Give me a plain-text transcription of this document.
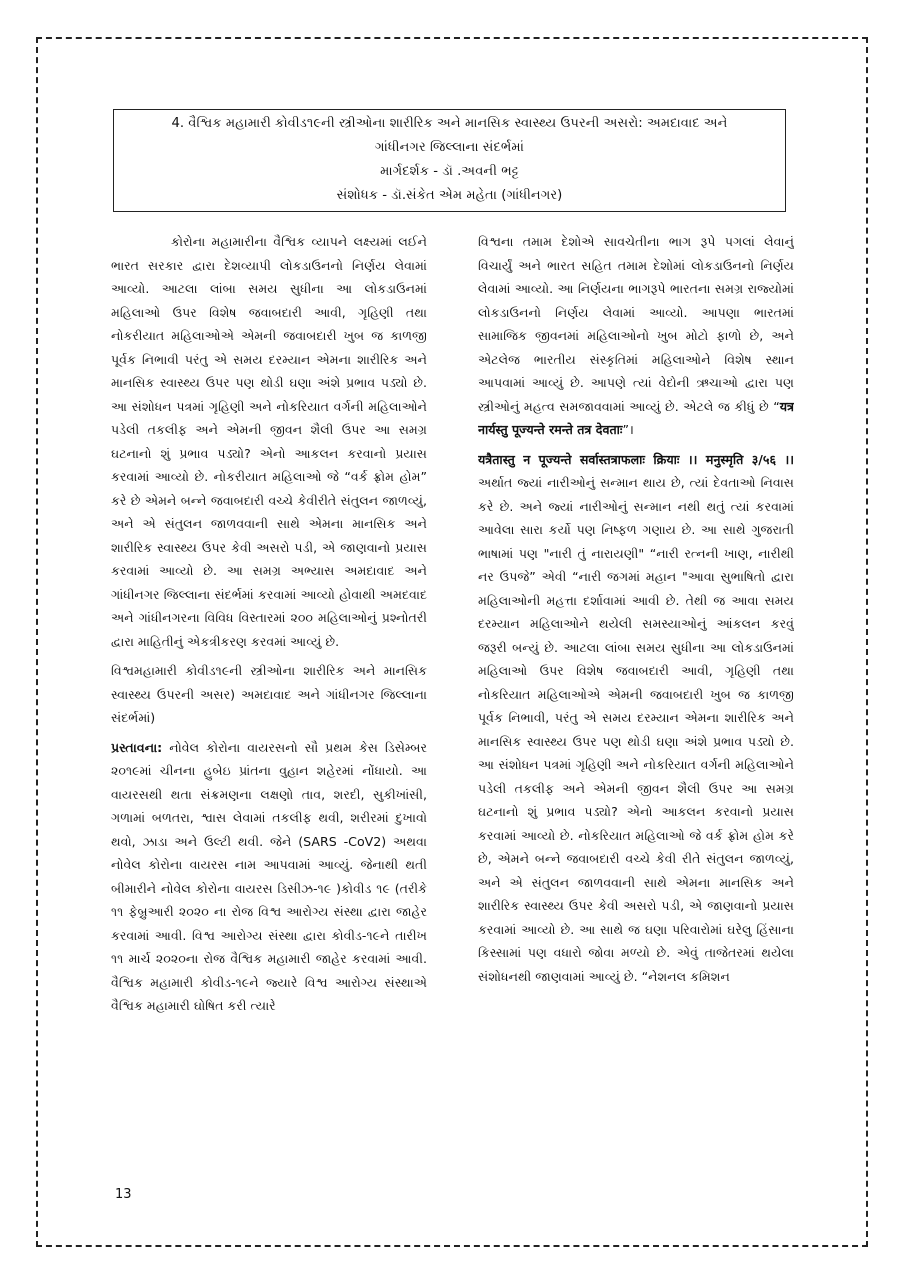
4. વૈશ્વિક મહામારી કોવીડ૧૯ની સ્ત્રીઓના શારીરિક અને માનસિક સ્વાસ્થ્ય ઉપરની અસરો: અમદાવાદ અને
ગાંધીનગર જિલ્લાના સંદર્ભમાં
માર્ગદર્શક - ડૉ .અવની ભટ્ટ
સંશોધક - ડૉ.સંકેત એમ મહેતા (ગાંધીનગર)

કોરોના મહામારીના વૈશ્વિક વ્યાપને લક્ષ્યમાં લઈને ભારત સરકાર દ્વારા દેશવ્યાપી લોકડાઉનનો નિર્ણય લેવામાં આવ્યો. આટલા લાંબા સમય સુધીના આ લોકડાઉનમાં મહિલાઓ ઉપર વિશેષ જવાબદારી આવી, ગૃહિણી તથા નોકરીયાત મહિલાઓએ એમની જવાબદારી ખુબ જ કાળજી પૂર્વક નિભાવી પરંતુ એ સમય દરમ્યાન એમના શારીરિક અને માનસિક સ્વાસ્થ્ય ઉપર પણ થોડી ઘણા અંશે પ્રભાવ પડ્યો છે. આ સંશોધન પત્રમાં ગૃહિણી અને નોકરિયાત વર્ગની મહિલાઓને પડેલી તકલીફ અને એમની જીવન શૈલી ઉપર આ સમગ્ર ઘટનાનો શું પ્રભાવ પડ્યો? એનો આકલન કરવાનો પ્રયાસ કરવામાં આવ્યો છે. નોકરીયાત મહિલાઓ જે “વર્ક ફ્રોમ હોમ” કરે છે એમને બન્ને જવાબદારી વચ્ચે કેવીરીતે સંતુલન જાળવ્યું, અને એ સંતુલન જાળવવાની સાથે એમના માનસિક અને શારીરિક સ્વાસ્થ્ય ઉપર કેવી અસરો પડી, એ જાણવાનો પ્રયાસ કરવામાં આવ્યો છે. આ સમગ્ર અભ્યાસ અમદાવાદ અને ગાંધીનગર જિલ્લાના સંદર્ભમાં કરવામાં આવ્યો હોવાથી અમદવાદ અને ગાંધીનગરના વિવિધ વિસ્તારમાં ૨૦૦ મહિલાઓનું પ્રશ્નોતરી દ્વારા માહિતીનું એકત્રીકરણ કરવમાં આવ્યું છે.

વિશ્વમહામારી કોવીડ૧૯ની સ્ત્રીઓના શારીરિક અને માનસિક સ્વાસ્થ્ય ઉપરની અસર) અમદાવાદ અને ગાંધીનગર જિલ્લાના સંદર્ભમાં)

પ્રસ્તાવના: નોવેલ કોરોના વાયરસનો સૌ પ્રથમ કેસ ડિસેમ્બર ૨૦૧૯માં ચીનના હુબેઇ પ્રાંતના વુહાન શહેરમાં નોંધાયો. આ વાયરસથી થતા સંક્રમણના લક્ષણો તાવ, શરદી, સુકીખાંસી, ગળામાં બળતરા, શ્વાસ લેવામાં તકલીફ થવી, શરીરમાં દુખાવો થવો, ઝાડા અને ઉલ્ટી થવી. જેને (SARS -CoV2) અથવા નોવેલ કોરોના વાયરસ નામ આપવામાં આવ્યું. જેનાથી થતી બીમારીને નોવેલ કોરોના વાયરસ ડિસીઝ-૧૯ )કોવીડ ૧૯ (તરીકે ૧૧ ફેબ્રુઆરી ૨૦૨૦ ના રોજ વિશ્વ આરોગ્ય સંસ્થા દ્વારા જાહેર કરવામાં આવી. વિશ્વ આરોગ્ય સંસ્થા દ્વારા કોવીડ-૧૯ને તારીખ ૧૧ માર્ચ ૨૦૨૦ના રોજ વૈશ્વિક મહામારી જાહેર કરવામાં આવી. વૈશ્વિક મહામારી કોવીડ-૧૯ને જ્યારે વિશ્વ આરોગ્ય સંસ્થાએ વૈશ્વિક મહામારી ઘોષિત કરી ત્યારે

વિશ્વના તમામ દેશોએ સાવચેતીના ભાગ રૂપે પગલાં લેવાનું વિચાર્યું અને ભારત સહિત તમામ દેશોમાં લોકડાઉનનો નિર્ણય લેવામાં આવ્યો. આ નિર્ણયના ભાગરૂપે ભારતના સમગ્ર રાજ્યોમાં લોકડાઉનનો નિર્ણય લેવામાં આવ્યો. આપણા ભારતમાં સામાજિક જીવનમાં મહિલાઓનો ખુબ મોટો ફાળો છે, અને એટલેજ ભારતીય સંસ્કૃતિમાં મહિલાઓને વિશેષ સ્થાન આપવામાં આવ્યું છે. આપણે ત્યાં વેદોની ઋચાઓ દ્વારા પણ સ્ત્રીઓનું મહત્વ સમજાવવામાં આવ્યું છે. એટલે જ કીધું છે “यत्र नार्यस्तु पूज्यन्ते रमन्ते तत्र देवताः”।

यत्रैतास्तु न पूज्यन्ते सर्वास्तत्राफलाः क्रियाः ।। मनुस्मृति ३/५६ ।। અર્થાત જ્યાં નારીઓનું સન્માન થાય છે, ત્યાં દેવતાઓ નિવાસ કરે છે. અને જ્યાં નારીઓનું સન્માન નથી થતું ત્યાં કરવામાં આવેલા સારા કર્યો પણ નિષ્ફળ ગણાય છે. આ સાથે ગુજરાતી ભાષામાં પણ "નારી તું નારાયણી" “નારી રત્નની ખાણ, નારીથી નર ઉપજે” એવી “નારી જગમાં મહાન "આવા સુભાષિતો દ્વારા મહિલાઓની મહત્તા દર્શાવામાં આવી છે. તેથી જ આવા સમય દરમ્યાન મહિલાઓને થયેલી સમસ્યાઓનું આંકલન કરવું જરૂરી બન્યું છે. આટલા લાંબા સમય સુધીના આ લોકડાઉનમાં મહિલાઓ ઉપર વિશેષ જવાબદારી આવી, ગૃહિણી તથા નોકરિયાત મહિલાઓએ એમની જવાબદારી ખુબ જ કાળજી પૂર્વક નિભાવી, પરંતુ એ સમય દરમ્યાન એમના શારીરિક અને માનસિક સ્વાસ્થ્ય ઉપર પણ થોડી ઘણા અંશે પ્રભાવ પડ્યો છે. આ સંશોધન પત્રમાં ગૃહિણી અને નોકરિયાત વર્ગની મહિલાઓને પડેલી તકલીફ અને એમની જીવન શૈલી ઉપર આ સમગ્ર ઘટનાનો શું પ્રભાવ પડ્યો? એનો આકલન કરવાનો પ્રયાસ કરવામાં આવ્યો છે. નોકરિયાત મહિલાઓ જે વર્ક ફ્રોમ હોમ કરે છે, એમને બન્ને જવાબદારી વચ્ચે કેવી રીતે સંતુલન જાળવ્યું, અને એ સંતુલન જાળવવાની સાથે એમના માનસિક અને શારીરિક સ્વાસ્થ્ય ઉપર કેવી અસરો પડી, એ જાણવાનો પ્રયાસ કરવામાં આવ્યો છે. આ સાથે જ ઘણા પરિવારોમાં ઘરેલુ હિંસાના કિસ્સામાં પણ વધારો જોવા મળ્યો છે. એવું તાજેતરમાં થયેલા સંશોધનથી જાણવામાં આવ્યું છે. “નેશનલ કમિશન

13
